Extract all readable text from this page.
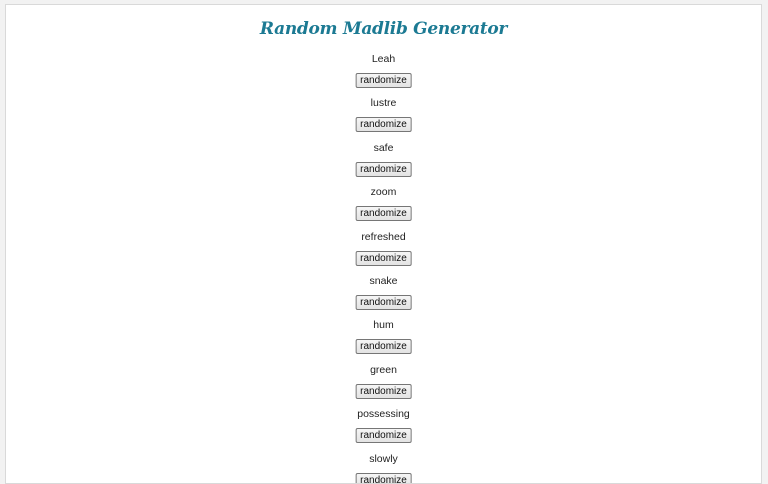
Random Madlib Generator
Leah
randomize
lustre
randomize
safe
randomize
zoom
randomize
refreshed
randomize
snake
randomize
hum
randomize
green
randomize
possessing
randomize
slowly
randomize
